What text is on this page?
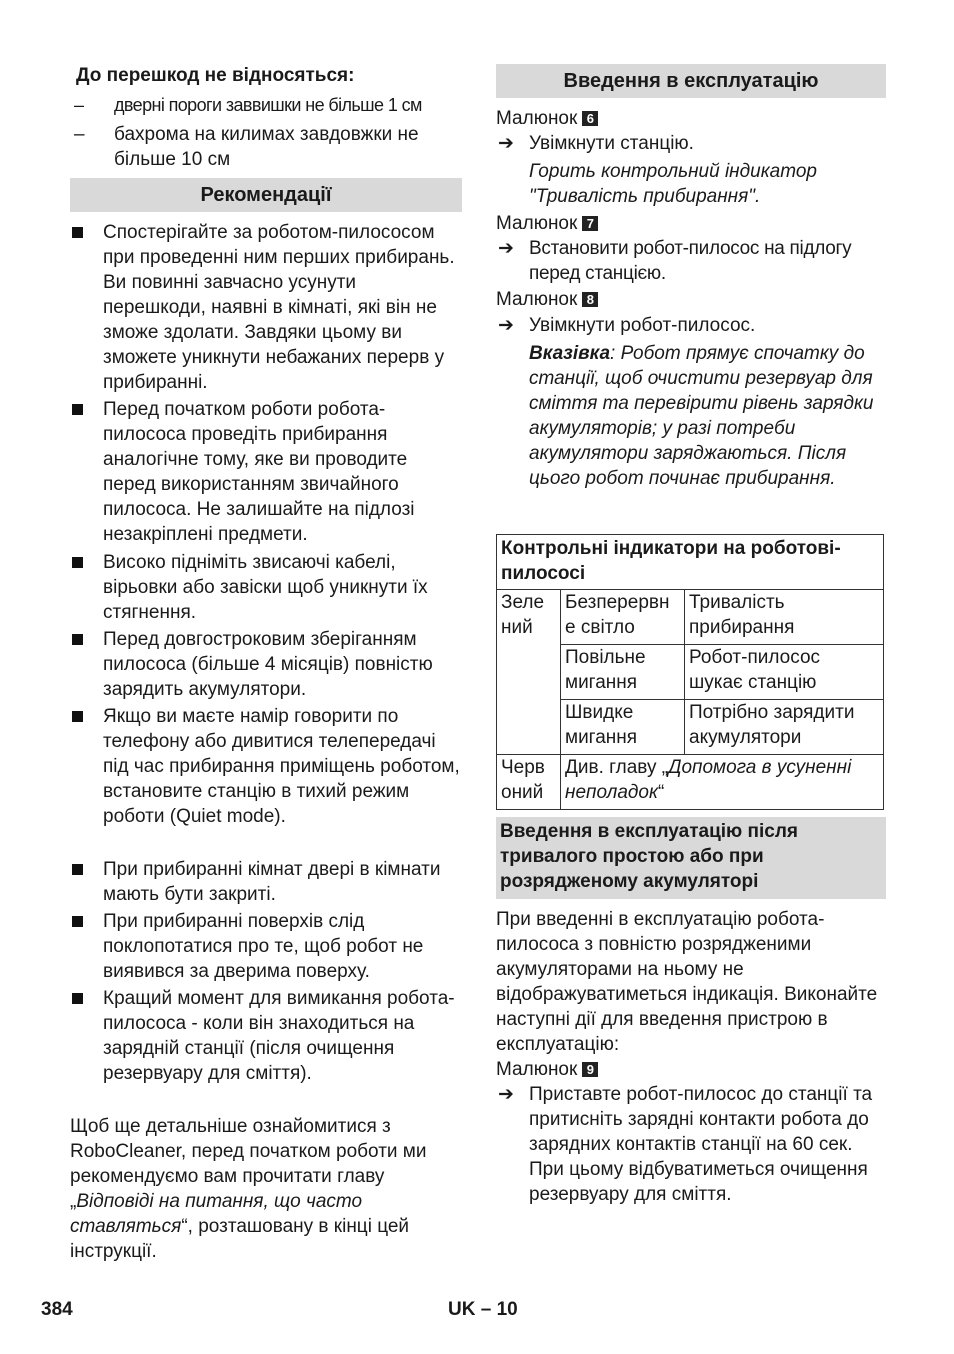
До перешкод не відносяться:
– дверні пороги заввишки не більше 1 см
– бахрома на килимах завдовжки не більше 10 см
Рекомендації
Спостерігайте за роботом-пилососом при проведенні ним перших прибирань. Ви повинні завчасно усунути перешкоди, наявні в кімнаті, які він не зможе здолати. Завдяки цьому ви зможете уникнути небажаних перерв у прибиранні.
Перед початком роботи робота-пилососа проведіть прибирання аналогічне тому, яке ви проводите перед використанням звичайного пилососа. Не залишайте на підлозі незакріплені предмети.
Високо підніміть звисаючі кабелі, вірьовки або завіски щоб уникнути їх стягнення.
Перед довгостроковим зберіганням пилососа (більше 4 місяців) повністю зарядить акумулятори.
Якщо ви маєте намір говорити по телефону або дивитися телепередачі під час прибирання приміщень роботом, встановите станцію в тихий режим роботи (Quiet mode).
При прибиранні кімнат двері в кімнати мають бути закриті.
При прибиранні поверхів слід поклопотатися про те, щоб робот не виявився за дверима поверху.
Кращий момент для вимикання робота-пилососа - коли він знаходиться на зарядній станції (після очищення резервуару для сміття).
Щоб ще детальніше ознайомитися з RoboCleaner, перед початком роботи ми рекомендуємо вам прочитати главу „Відповіді на питання, що часто ставляться“, розташовану в кінці цей інструкції.
Введення в експлуатацію
Малюнок 6
➔ Увімкнути станцію.
Горить контрольний індикатор "Тривалість прибирання".
Малюнок 7
➔ Встановити робот-пилосос на підлогу перед станцією.
Малюнок 8
➔ Увімкнути робот-пилосос.
Вказівка: Робот прямує спочатку до станції, щоб очистити резервуар для сміття та перевірити рівень зарядки акумуляторів; у разі потреби акумулятори заряджаються. Після цього робот починає прибирання.
Контрольні індикатори на роботові-пилососі		
Зеле ний	Безперервн е світло	Тривалість прибирання
	Повільне мигання	Робот-пилосос шукає станцію
	Швидке мигання	Потрібно зарядити акумулятори
Черв оний	Див. главу „Допомога в усуненні неполадок“	
Введення в експлуатацію після тривалого простою або при розрядженому акумуляторі
При введенні в експлуатацію робота-пилососа з повністю розрядженими акумуляторами на ньому не відображуватиметься індикація. Виконайте наступні дії для введення пристрою в експлуатацію:
Малюнок 9
➔ Приставте робот-пилосос до станції та притисніть зарядні контакти робота до зарядних контактів станції на 60 сек. При цьому відбуватиметься очищення резервуару для сміття.
384	UK – 10
